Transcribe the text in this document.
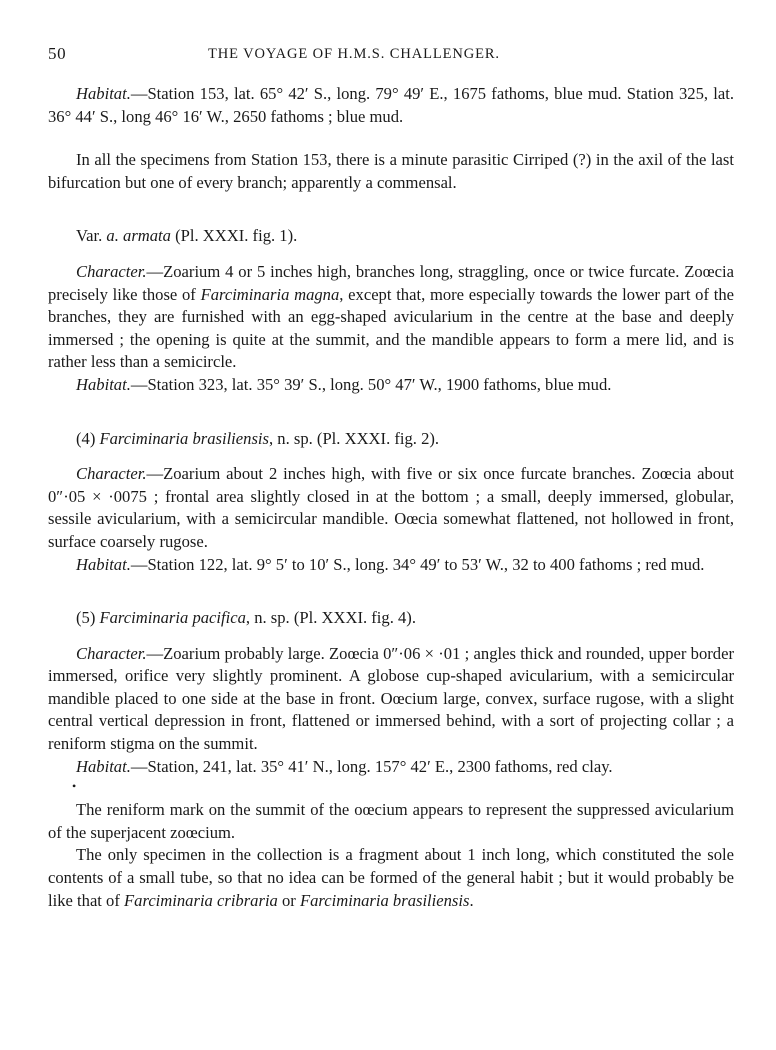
50	THE VOYAGE OF H.M.S. CHALLENGER.

Habitat.—Station 153, lat. 65° 42′ S., long. 79° 49′ E., 1675 fathoms, blue mud. Station 325, lat. 36° 44′ S., long 46° 16′ W., 2650 fathoms ; blue mud.

In all the specimens from Station 153, there is a minute parasitic Cirriped (?) in the axil of the last bifurcation but one of every branch; apparently a commensal.

Var. a. armata (Pl. XXXI. fig. 1).

Character.—Zoarium 4 or 5 inches high, branches long, straggling, once or twice furcate. Zoœcia precisely like those of Farciminaria magna, except that, more especially towards the lower part of the branches, they are furnished with an egg-shaped avicularium in the centre at the base and deeply immersed ; the opening is quite at the summit, and the mandible appears to form a mere lid, and is rather less than a semicircle.

Habitat.—Station 323, lat. 35° 39′ S., long. 50° 47′ W., 1900 fathoms, blue mud.

(4) Farciminaria brasiliensis, n. sp. (Pl. XXXI. fig. 2).

Character.—Zoarium about 2 inches high, with five or six once furcate branches. Zoœcia about 0″·05 × ·0075 ; frontal area slightly closed in at the bottom ; a small, deeply immersed, globular, sessile avicularium, with a semicircular mandible. Oœcia somewhat flattened, not hollowed in front, surface coarsely rugose.

Habitat.—Station 122, lat. 9° 5′ to 10′ S., long. 34° 49′ to 53′ W., 32 to 400 fathoms ; red mud.

(5) Farciminaria pacifica, n. sp. (Pl. XXXI. fig. 4).

Character.—Zoarium probably large. Zoœcia 0″·06 × ·01 ; angles thick and rounded, upper border immersed, orifice very slightly prominent. A globose cup-shaped avicularium, with a semicircular mandible placed to one side at the base in front. Oœcium large, convex, surface rugose, with a slight central vertical depression in front, flattened or immersed behind, with a sort of projecting collar ; a reniform stigma on the summit.

Habitat.—Station, 241, lat. 35° 41′ N., long. 157° 42′ E., 2300 fathoms, red clay.

•

The reniform mark on the summit of the oœcium appears to represent the suppressed avicularium of the superjacent zoœcium.

The only specimen in the collection is a fragment about 1 inch long, which constituted the sole contents of a small tube, so that no idea can be formed of the general habit ; but it would probably be like that of Farciminaria cribraria or Farciminaria brasiliensis.
